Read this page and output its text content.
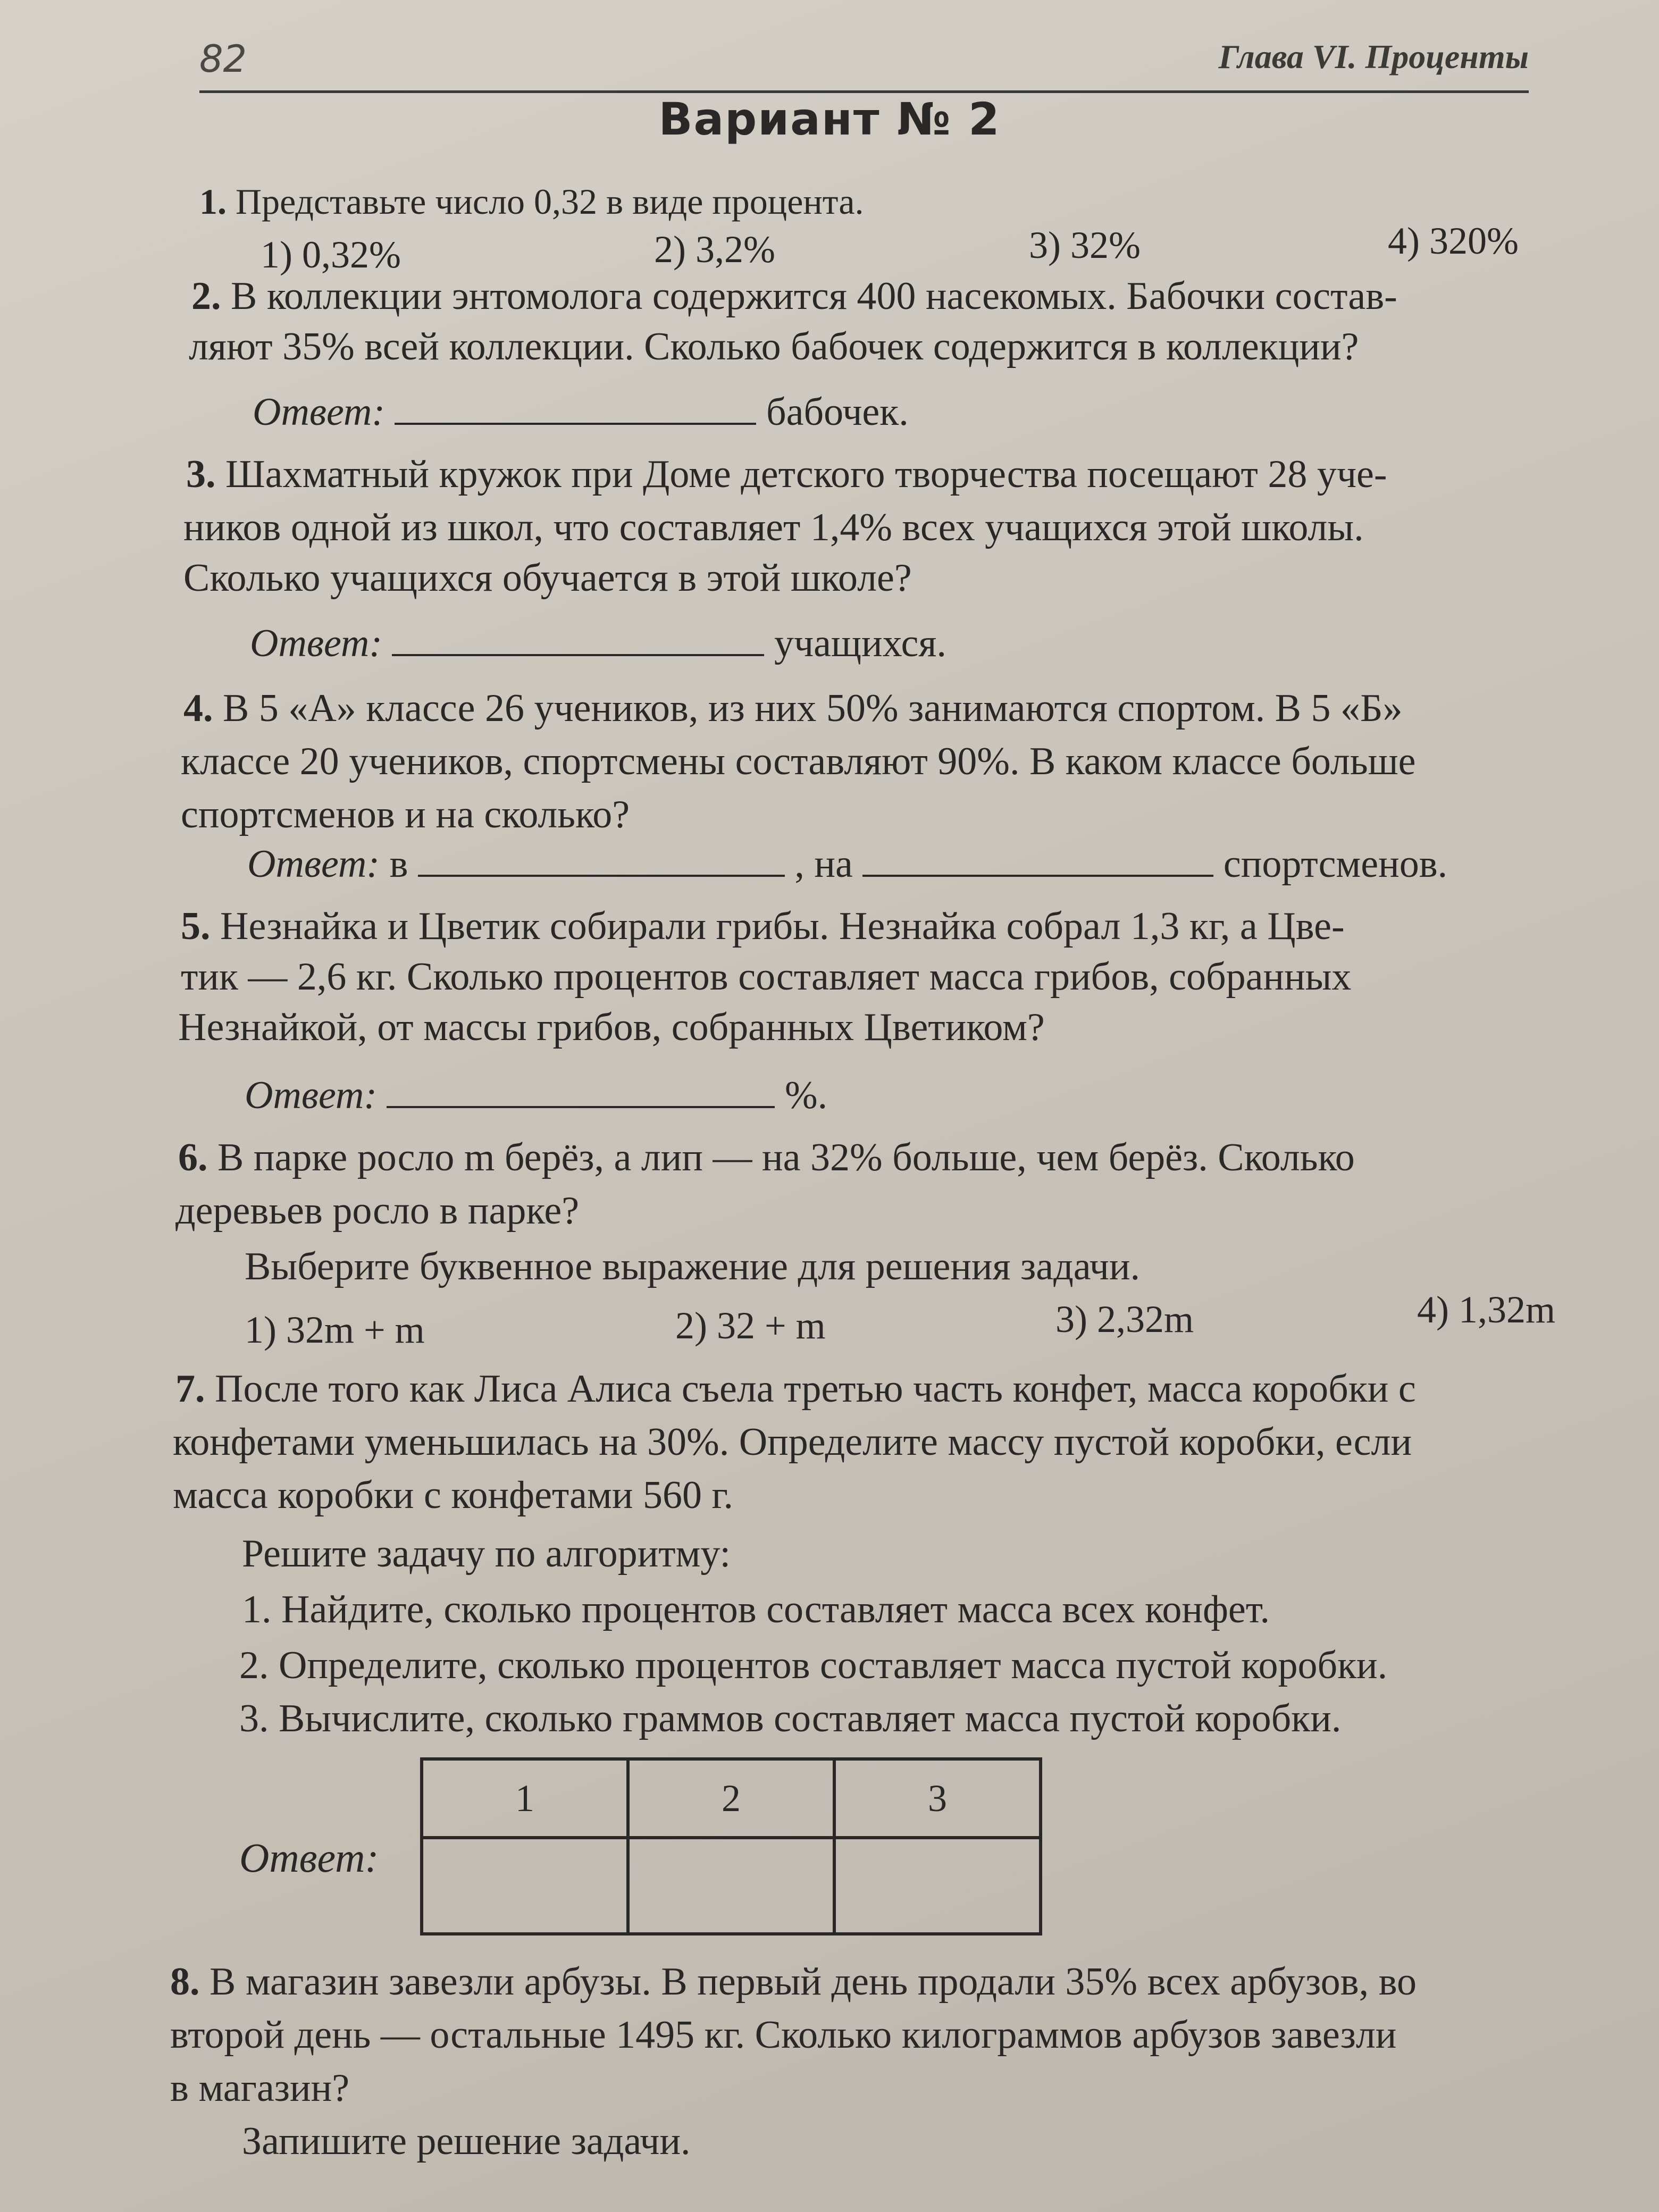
82	Глава VI. Проценты
Вариант № 2
1. Представьте число 0,32 в виде процента.
1) 0,32%	2) 3,2%	3) 32%	4) 320%
2. В коллекции энтомолога содержится 400 насекомых. Бабочки состав-
ляют 35% всей коллекции. Сколько бабочек содержится в коллекции?
Ответ:	бабочек.
3. Шахматный кружок при Доме детского творчества посещают 28 уче-
ников одной из школ, что составляет 1,4% всех учащихся этой школы.
Сколько учащихся обучается в этой школе?
Ответ:	учащихся.
4. В 5 «А» классе 26 учеников, из них 50% занимаются спортом. В 5 «Б»
классе 20 учеников, спортсмены составляют 90%. В каком классе больше
спортсменов и на сколько?
Ответ: в	, на	спортсменов.
5. Незнайка и Цветик собирали грибы. Незнайка собрал 1,3 кг, а Цве-
тик — 2,6 кг. Сколько процентов составляет масса грибов, собранных
Незнайкой, от массы грибов, собранных Цветиком?
Ответ:	%.
6. В парке росло m берёз, а лип — на 32% больше, чем берёз. Сколько
деревьев росло в парке?
Выберите буквенное выражение для решения задачи.
1) 32m + m	2) 32 + m	3) 2,32m	4) 1,32m
7. После того как Лиса Алиса съела третью часть конфет, масса коробки с
конфетами уменьшилась на 30%. Определите массу пустой коробки, если
масса коробки с конфетами 560 г.
Решите задачу по алгоритму:
1. Найдите, сколько процентов составляет масса всех конфет.
2. Определите, сколько процентов составляет масса пустой коробки.
3. Вычислите, сколько граммов составляет масса пустой коробки.
Ответ:
1	2	3

8. В магазин завезли арбузы. В первый день продали 35% всех арбузов, во
второй день — остальные 1495 кг. Сколько килограммов арбузов завезли
в магазин?
Запишите решение задачи.
